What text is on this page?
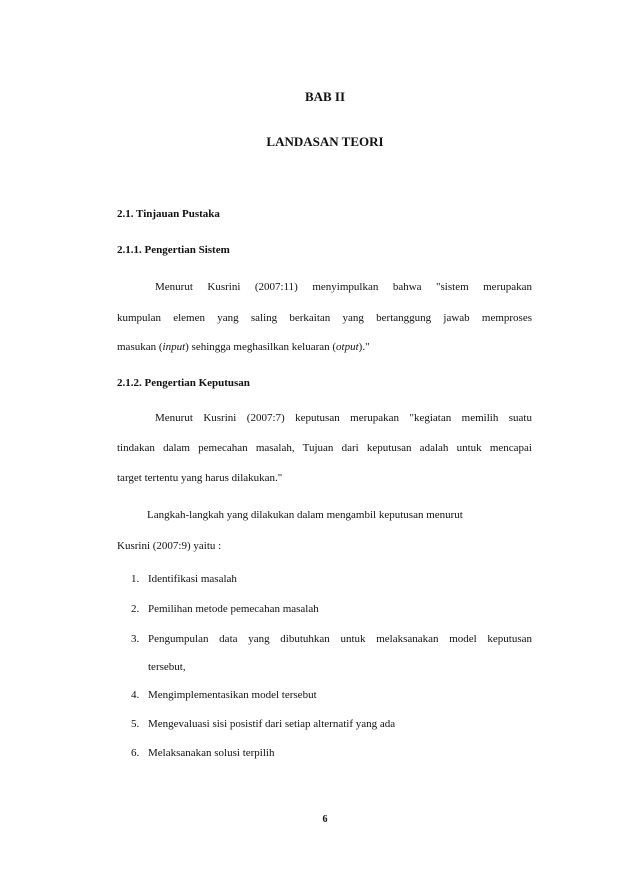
BAB II
LANDASAN TEORI
2.1. Tinjauan Pustaka
2.1.1. Pengertian Sistem
Menurut Kusrini (2007:11) menyimpulkan bahwa "sistem merupakan
kumpulan elemen yang saling berkaitan yang bertanggung jawab memproses
masukan (input) sehingga meghasilkan keluaran (otput)."
2.1.2. Pengertian Keputusan
Menurut Kusrini (2007:7) keputusan merupakan "kegiatan memilih suatu
tindakan dalam pemecahan masalah, Tujuan dari keputusan adalah untuk mencapai
target tertentu yang harus dilakukan."
Langkah-langkah yang dilakukan dalam mengambil keputusan menurut
Kusrini (2007:9) yaitu :
1. Identifikasi masalah
2. Pemilihan metode pemecahan masalah
3. Pengumpulan data yang dibutuhkan untuk melaksanakan model keputusan
tersebut,
4. Mengimplementasikan model tersebut
5. Mengevaluasi sisi posistif dari setiap alternatif yang ada
6. Melaksanakan solusi terpilih
6
